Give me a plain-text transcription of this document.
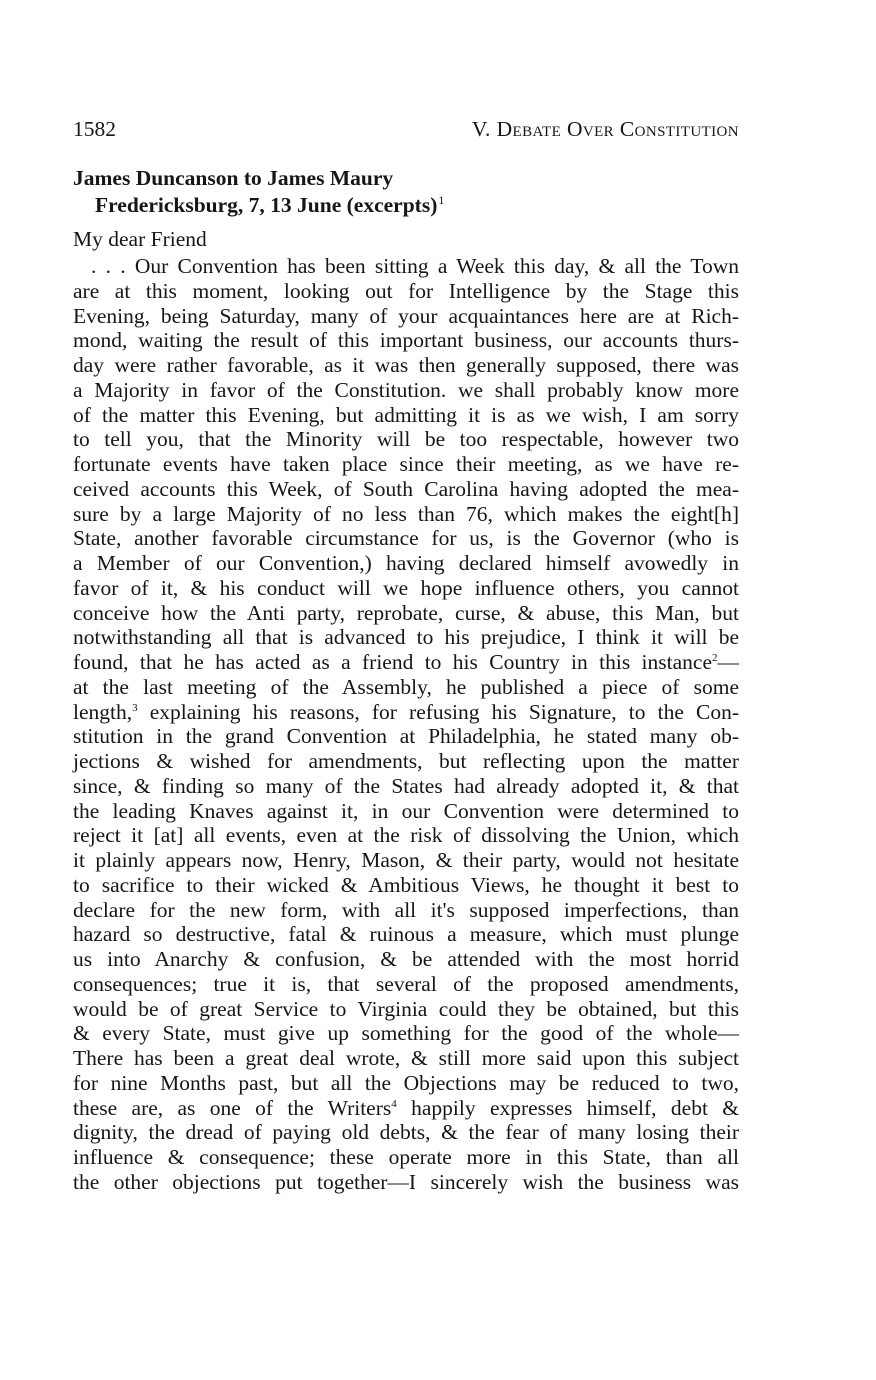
1582	V. Debate Over Constitution
James Duncanson to James Maury
Fredericksburg, 7, 13 June (excerpts)$^1$
My dear Friend
. . . Our Convention has been sitting a Week this day, & all the Town
are at this moment, looking out for Intelligence by the Stage this
Evening, being Saturday, many of your acquaintances here are at Rich-
mond, waiting the result of this important business, our accounts thurs-
day were rather favorable, as it was then generally supposed, there was
a Majority in favor of the Constitution. we shall probably know more
of the matter this Evening, but admitting it is as we wish, I am sorry
to tell you, that the Minority will be too respectable, however two
fortunate events have taken place since their meeting, as we have re-
ceived accounts this Week, of South Carolina having adopted the mea-
sure by a large Majority of no less than 76, which makes the eight[h]
State, another favorable circumstance for us, is the Governor (who is
a Member of our Convention,) having declared himself avowedly in
favor of it, & his conduct will we hope influence others, you cannot
conceive how the Anti party, reprobate, curse, & abuse, this Man, but
notwithstanding all that is advanced to his prejudice, I think it will be
found, that he has acted as a friend to his Country in this instance$^2$—
at the last meeting of the Assembly, he published a piece of some
length,$^3$ explaining his reasons, for refusing his Signature, to the Con-
stitution in the grand Convention at Philadelphia, he stated many ob-
jections & wished for amendments, but reflecting upon the matter
since, & finding so many of the States had already adopted it, & that
the leading Knaves against it, in our Convention were determined to
reject it [at] all events, even at the risk of dissolving the Union, which
it plainly appears now, Henry, Mason, & their party, would not hesitate
to sacrifice to their wicked & Ambitious Views, he thought it best to
declare for the new form, with all it's supposed imperfections, than
hazard so destructive, fatal & ruinous a measure, which must plunge
us into Anarchy & confusion, & be attended with the most horrid
consequences; true it is, that several of the proposed amendments,
would be of great Service to Virginia could they be obtained, but this
& every State, must give up something for the good of the whole—
There has been a great deal wrote, & still more said upon this subject
for nine Months past, but all the Objections may be reduced to two,
these are, as one of the Writers$^4$ happily expresses himself, debt &
dignity, the dread of paying old debts, & the fear of many losing their
influence & consequence; these operate more in this State, than all
the other objections put together—I sincerely wish the business was
